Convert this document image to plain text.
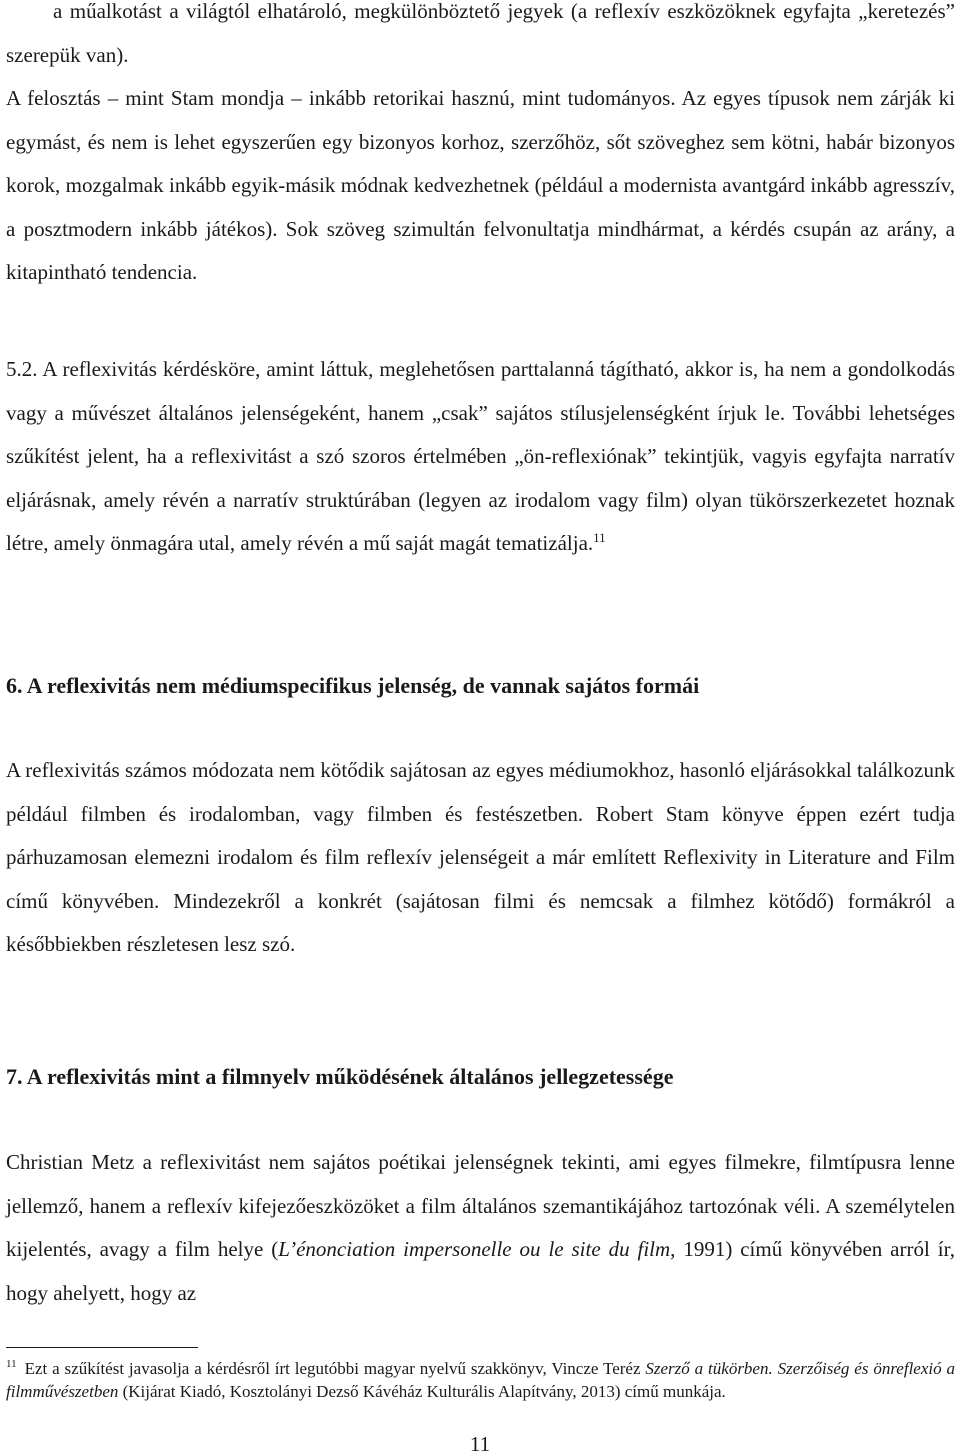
a műalkotást a világtól elhatároló, megkülönböztető jegyek (a reflexív eszközöknek egyfajta „keretezés” szerepük van).

A felosztás – mint Stam mondja – inkább retorikai hasznú, mint tudományos. Az egyes típusok nem zárják ki egymást, és nem is lehet egyszerűen egy bizonyos korhoz, szerzőhöz, sőt szöveghez sem kötni, habár bizonyos korok, mozgalmak inkább egyik-másik módnak kedvezhetnek (például a modernista avantgárd inkább agresszív, a posztmodern inkább játékos). Sok szöveg szimultán felvonultatja mindhármat, a kérdés csupán az arány, a kitapintható tendencia.

5.2. A reflexivitás kérdésköre, amint láttuk, meglehetősen parttalanná tágítható, akkor is, ha nem a gondolkodás vagy a művészet általános jelenségeként, hanem „csak” sajátos stílusjelenségként írjuk le. További lehetséges szűkítést jelent, ha a reflexivitást a szó szoros értelmében „ön-reflexiónak” tekintjük, vagyis egyfajta narratív eljárásnak, amely révén a narratív struktúrában (legyen az irodalom vagy film) olyan tükörszerkezetet hoznak létre, amely önmagára utal, amely révén a mű saját magát tematizálja.$^{11}$

6. A reflexivitás nem médiumspecifikus jelenség, de vannak sajátos formái

A reflexivitás számos módozata nem kötődik sajátosan az egyes médiumokhoz, hasonló eljárásokkal találkozunk például filmben és irodalomban, vagy filmben és festészetben. Robert Stam könyve éppen ezért tudja párhuzamosan elemezni irodalom és film reflexív jelenségeit a már említett Reflexivity in Literature and Film című könyvében. Mindezekről a konkrét (sajátosan filmi és nemcsak a filmhez kötődő) formákról a későbbiekben részletesen lesz szó.

7. A reflexivitás mint a filmnyelv működésének általános jellegzetessége

Christian Metz a reflexivitást nem sajátos poétikai jelenségnek tekinti, ami egyes filmekre, filmtípusra lenne jellemző, hanem a reflexív kifejezőeszközöket a film általános szemantikájához tartozónak véli. A személytelen kijelentés, avagy a film helye (L’énonciation impersonelle ou le site du film, 1991) című könyvében arról ír, hogy ahelyett, hogy az

$^{11}$ Ezt a szűkítést javasolja a kérdésről írt legutóbbi magyar nyelvű szakkönyv, Vincze Teréz Szerző a tükörben. Szerzőiség és önreflexió a filmművészetben (Kijárat Kiadó, Kosztolányi Dezső Kávéház Kulturális Alapítvány, 2013) című munkája.

11
